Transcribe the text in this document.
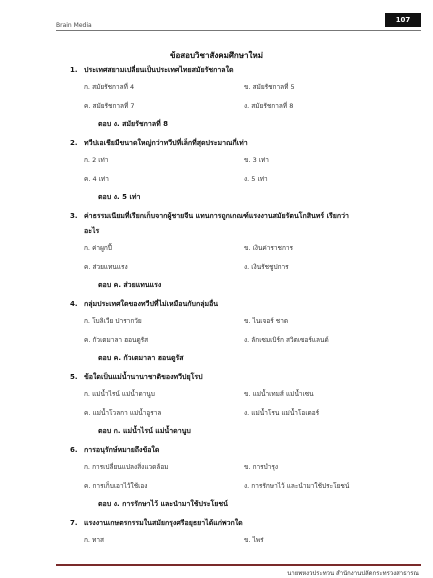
Brain Media
107
ข้อสอบวิชาสังคมศึกษาใหม่
1. ประเทศสยามเปลี่ยนเป็นประเทศไทยสมัยรัชกาลใด
ก. สมัยรัชกาลที่ 4	ข. สมัยรัชกาลที่ 5
ค. สมัยรัชกาลที่ 7	ง. สมัยรัชกาลที่ 8
ตอบ ง. สมัยรัชกาลที่ 8
2. ทวีปเอเชียมีขนาดใหญ่กว่าทวีปที่เล็กที่สุดประมาณกี่เท่า
ก. 2 เท่า	ข. 3 เท่า
ค. 4 เท่า	ง. 5 เท่า
ตอบ ง. 5 เท่า
3. ค่าธรรมเนียมที่เรียกเก็บจากผู้ชายจีน แทนการถูกเกณฑ์แรงงานสมัยรัตนโกสินทร์ เรียกว่า
อะไร
ก. ค่าผูกปี้	ข. เงินค่าราชการ
ค. ส่วยแทนแรง	ง. เงินรัชชูปการ
ตอบ ค. ส่วยแทนแรง
4. กลุ่มประเทศใดของทวีปที่ไม่เหมือนกับกลุ่มอื่น
ก. โบลิเวีย ปารากวัย	ข. ไนเจอร์ ชาด
ค. กัวเตมาลา ฮอนดูรัส	ง. ลักเซมเบิร์ก สวิตเซอร์แลนด์
ตอบ ค. กัวเตมาลา ฮอนดูรัส
5. ข้อใดเป็นแม่น้ำนานาชาติของทวีปยุโรป
ก. แม่น้ำไรน์ แม่น้ำดานูบ	ข. แม่น้ำเทมส์ แม่น้ำเซน
ค. แม่น้ำโวลกา แม่น้ำอูราล	ง. แม่น้ำโรน แม่น้ำโอเดอร์
ตอบ ก. แม่น้ำไรน์ แม่น้ำดานูบ
6. การอนุรักษ์หมายถึงข้อใด
ก. การเปลี่ยนแปลงสิ่งแวดล้อม	ข. การบำรุง
ค. การเก็บเอาไว้ใช้เอง	ง. การรักษาไว้ และนำมาใช้ประโยชน์
ตอบ ง. การรักษาไว้ และนำมาใช้ประโยชน์
7. แรงงานเกษตรกรรมในสมัยกรุงศรีอยุธยาได้แก่พวกใด
ก. ทาส	ข. ไพร่
นายพหงวประทวน สำนักงานปลัดกระทรวงสาธารณ
